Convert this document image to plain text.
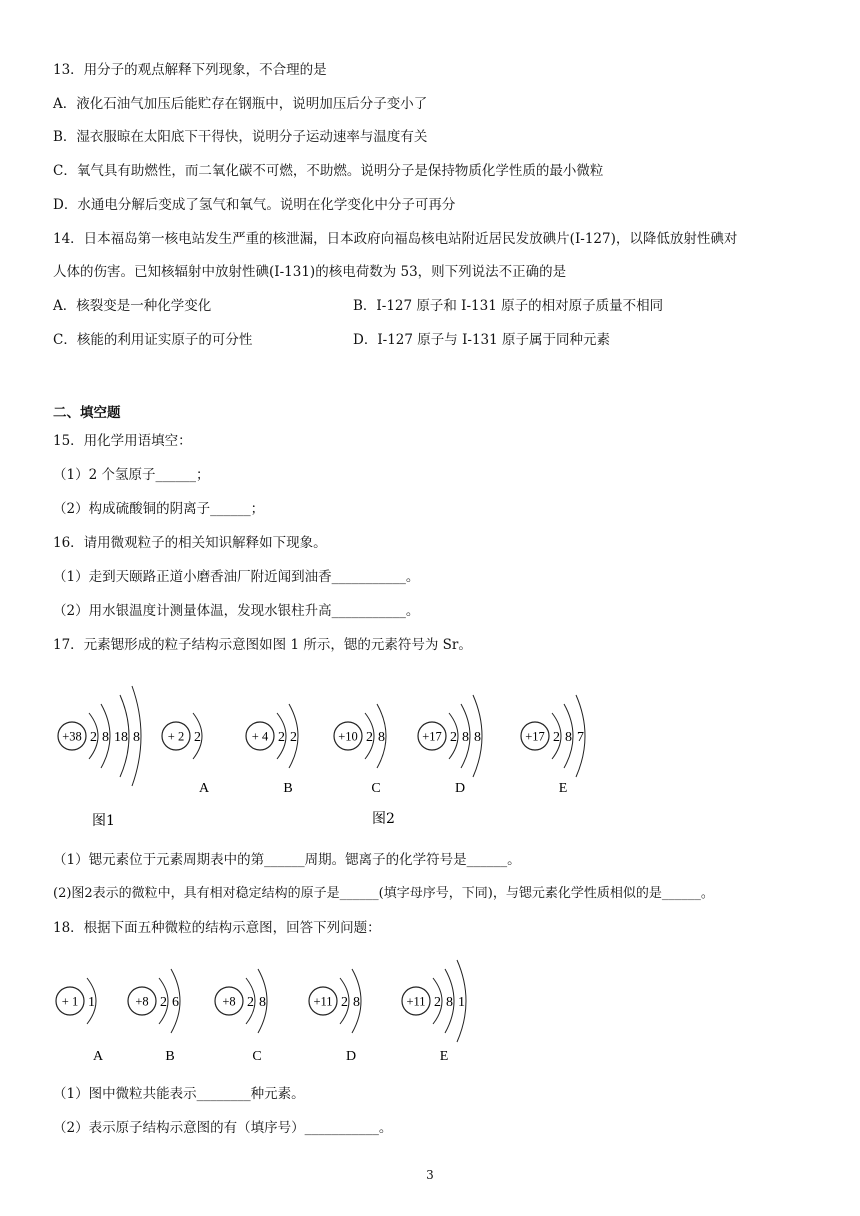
13．用分子的观点解释下列现象，不合理的是
A．液化石油气加压后能贮存在钢瓶中，说明加压后分子变小了
B．湿衣服晾在太阳底下干得快，说明分子运动速率与温度有关
C．氧气具有助燃性，而二氧化碳不可燃，不助燃。说明分子是保持物质化学性质的最小微粒
D．水通电分解后变成了氢气和氧气。说明在化学变化中分子可再分
14．日本福岛第一核电站发生严重的核泄漏，日本政府向福岛核电站附近居民发放碘片(I-127)，以降低放射性碘对
人体的伤害。已知核辐射中放射性碘(I-131)的核电荷数为 53，则下列说法不正确的是
A．核裂变是一种化学变化	B．I-127 原子和 I-131 原子的相对原子质量不相同
C．核能的利用证实原子的可分性	D．I-127 原子与 I-131 原子属于同种元素
二、填空题
15．用化学用语填空：
（1）2 个氢原子______；
（2）构成硫酸铜的阴离子______；
16．请用微观粒子的相关知识解释如下现象。
（1）走到天颐路正道小磨香油厂附近闻到油香___________。
（2）用水银温度计测量体温，发现水银柱升高___________。
17．元素锶形成的粒子结构示意图如图 1 所示，锶的元素符号为 Sr。
+38 2 8 18 8 + 2 2
A
+ 4 2 2
B
+10 2 8
C
+17 2 8 8
D
+17 2 8 7
E
图1	图2
（1）锶元素位于元素周期表中的第______周期。锶离子的化学符号是______。
(2)图2表示的微粒中，具有相对稳定结构的原子是______(填字母序号，下同)，与锶元素化学性质相似的是______。
18．根据下面五种微粒的结构示意图，回答下列问题：
+ 1 1
A
+8 2 6
B
+8 2 8
C
+11 2 8
D
+11 2 8 1
E
（1）图中微粒共能表示________种元素。
（2）表示原子结构示意图的有（填序号）___________。
3
